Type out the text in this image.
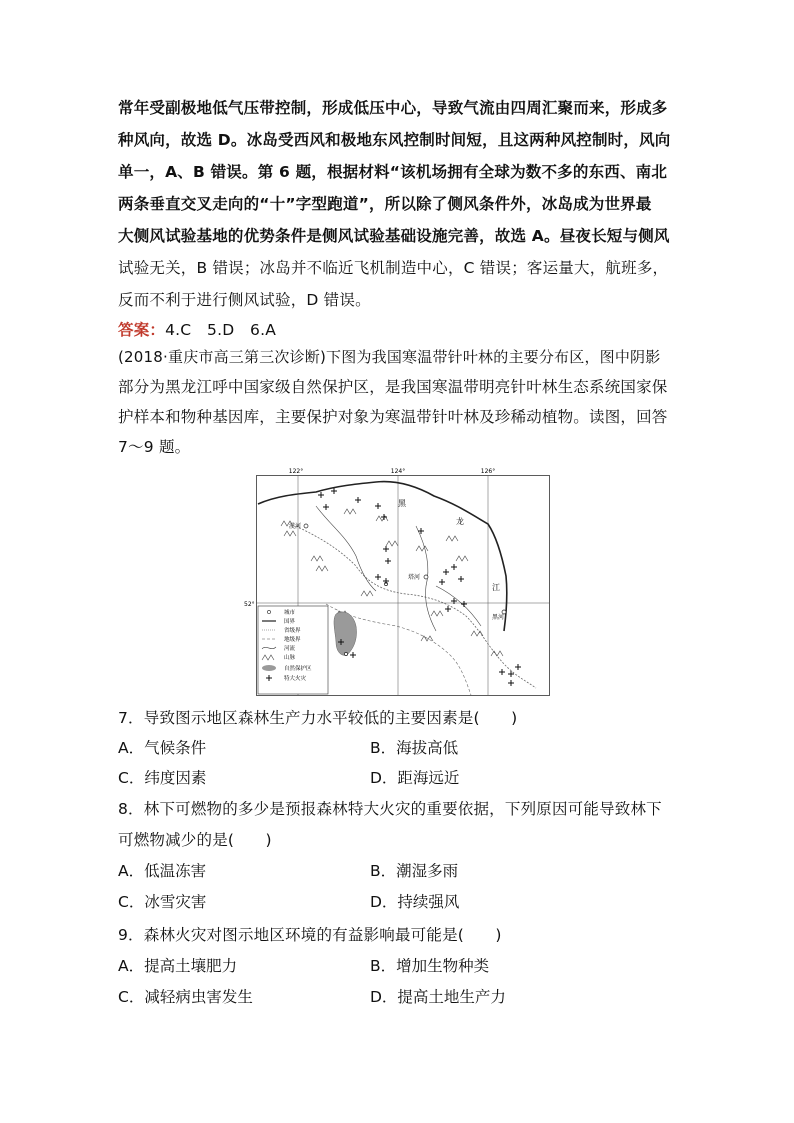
常年受副极地低气压带控制，形成低压中心，导致气流由四周汇聚而来，形成多
种风向，故选 D。冰岛受西风和极地东风控制时间短，且这两种风控制时，风向
单一，A、B 错误。第 6 题，根据材料“该机场拥有全球为数不多的东西、南北
两条垂直交叉走向的“十”字型跑道”，所以除了侧风条件外，冰岛成为世界最
大侧风试验基地的优势条件是侧风试验基础设施完善，故选 A。昼夜长短与侧风
试验无关，B 错误；冰岛并不临近飞机制造中心，C 错误；客运量大，航班多，
反而不利于进行侧风试验，D 错误。
答案：4.C　5.D　6.A
(2018·重庆市高三第三次诊断)下图为我国寒温带针叶林的主要分布区，图中阴影
部分为黑龙江呼中国家级自然保护区，是我国寒温带明亮针叶林生态系统国家保
护样本和物种基因库，主要保护对象为寒温带针叶林及珍稀动植物。读图，回答
7～9 题。
122°	124°	126°
52°
漠河
塔河
黑
龙
江
黑河
城市
国界
省级界
地级界
河流
山脉
自然保护区
特大火灾
7．导致图示地区森林生产力水平较低的主要因素是(　　)
A．气候条件	B．海拔高低
C．纬度因素	D．距海远近
8．林下可燃物的多少是预报森林特大火灾的重要依据，下列原因可能导致林下
可燃物减少的是(　　)
A．低温冻害	B．潮湿多雨
C．冰雪灾害	D．持续强风
9．森林火灾对图示地区环境的有益影响最可能是(　　)
A．提高土壤肥力	B．增加生物种类
C．减轻病虫害发生	D．提高土地生产力
